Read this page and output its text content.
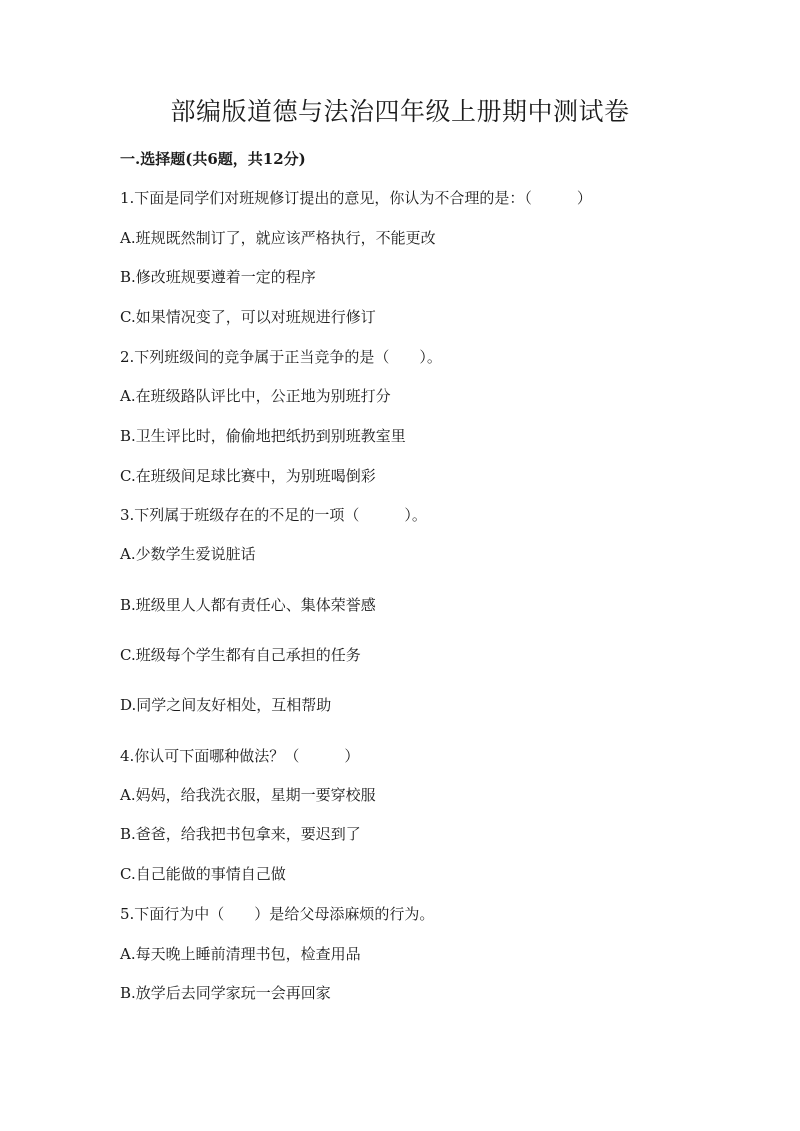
部编版道德与法治四年级上册期中测试卷
一.选择题(共6题，共12分)
1.下面是同学们对班规修订提出的意见，你认为不合理的是：（　　　）
A.班规既然制订了，就应该严格执行，不能更改
B.修改班规要遵着一定的程序
C.如果情况变了，可以对班规进行修订
2.下列班级间的竞争属于正当竞争的是（　　）。
A.在班级路队评比中，公正地为别班打分
B.卫生评比时，偷偷地把纸扔到别班教室里
C.在班级间足球比赛中，为别班喝倒彩
3.下列属于班级存在的不足的一项（　　　）。
A.少数学生爱说脏话
B.班级里人人都有责任心、集体荣誉感
C.班级每个学生都有自己承担的任务
D.同学之间友好相处，互相帮助
4.你认可下面哪种做法？（　　　）
A.妈妈，给我洗衣服，星期一要穿校服
B.爸爸，给我把书包拿来，要迟到了
C.自己能做的事情自己做
5.下面行为中（　　）是给父母添麻烦的行为。
A.每天晚上睡前清理书包，检查用品
B.放学后去同学家玩一会再回家
